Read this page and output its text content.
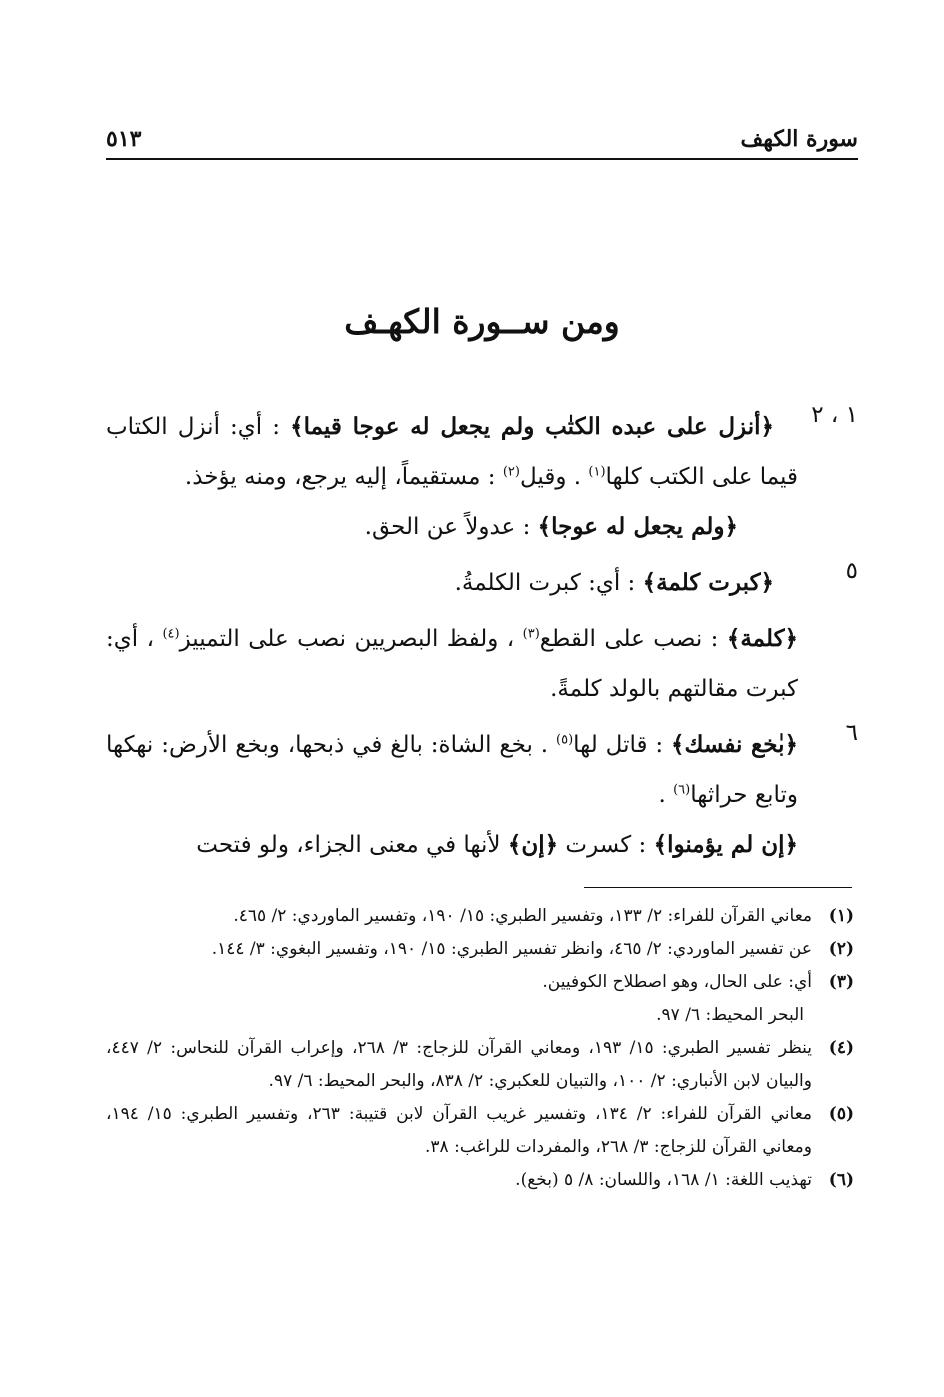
سورة الكهف
٥١٣
ومن ســورة الكهـف
١ ، ٢
﴿أنزل على عبده الكتٰب ولم يجعل له عوجا قيما﴾ : أي: أنزل الكتاب قيما على الكتب كلها$^{(١)}$ . وقيل$^{(٢)}$ : مستقيماً، إليه يرجع، ومنه يؤخذ.
﴿ولم يجعل له عوجا﴾ : عدولاً عن الحق.
٥
﴿كبرت كلمة﴾ : أي: كبرت الكلمةُ.
﴿كلمة﴾ : نصب على القطع$^{(٣)}$ ، ولفظ البصريين نصب على التمييز$^{(٤)}$ ، أي: كبرت مقالتهم بالولد كلمةً.
٦
﴿بٰخع نفسك﴾ : قاتل لها$^{(٥)}$ . بخع الشاة: بالغ في ذبحها، وبخع الأرض: نهكها وتابع حراثها$^{(٦)}$ .
﴿إن لم يؤمنوا﴾ : كسرت ﴿إن﴾ لأنها في معنى الجزاء، ولو فتحت
(١)
معاني القرآن للفراء: ٢/ ١٣٣، وتفسير الطبري: ١٥/ ١٩٠، وتفسير الماوردي: ٢/ ٤٦٥.
(٢)
عن تفسير الماوردي: ٢/ ٤٦٥، وانظر تفسير الطبري: ١٥/ ١٩٠، وتفسير البغوي: ٣/ ١٤٤.
(٣)
أي: على الحال، وهو اصطلاح الكوفيين.
البحر المحيط: ٦/ ٩٧.
(٤)
ينظر تفسير الطبري: ١٥/ ١٩٣، ومعاني القرآن للزجاج: ٣/ ٢٦٨، وإعراب القرآن للنحاس: ٢/ ٤٤٧، والبيان لابن الأنباري: ٢/ ١٠٠، والتبيان للعكبري: ٢/ ٨٣٨، والبحر المحيط: ٦/ ٩٧.
(٥)
معاني القرآن للفراء: ٢/ ١٣٤، وتفسير غريب القرآن لابن قتيبة: ٢٦٣، وتفسير الطبري: ١٥/ ١٩٤، ومعاني القرآن للزجاج: ٣/ ٢٦٨، والمفردات للراغب: ٣٨.
(٦)
تهذيب اللغة: ١/ ١٦٨، واللسان: ٨/ ٥ (بخع).
